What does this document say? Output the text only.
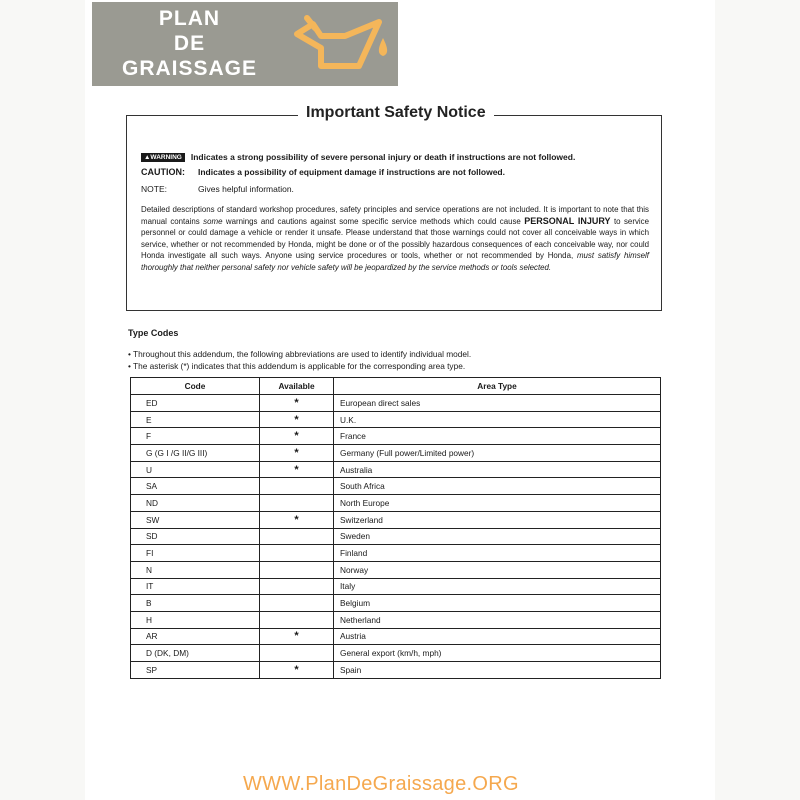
PLAN
DE
GRAISSAGE
Important Safety Notice
▲WARNING Indicates a strong possibility of severe personal injury or death if instructions are not followed.
CAUTION: Indicates a possibility of equipment damage if instructions are not followed.
NOTE:	Gives helpful information.
Detailed descriptions of standard workshop procedures, safety principles and service operations are not included. It is important to note that this manual contains some warnings and cautions against some specific service methods which could cause PERSONAL INJURY to service personnel or could damage a vehicle or render it unsafe. Please understand that those warnings could not cover all conceivable ways in which service, whether or not recommended by Honda, might be done or of the possibly hazardous consequences of each conceivable way, nor could Honda investigate all such ways. Anyone using service procedures or tools, whether or not recommended by Honda, must satisfy himself thoroughly that neither personal safety nor vehicle safety will be jeopardized by the service methods or tools selected.
Type Codes
• Throughout this addendum, the following abbreviations are used to identify individual model.
• The asterisk (*) indicates that this addendum is applicable for the corresponding area type.
Code	Available	Area Type
ED	*	European direct sales
E	*	U.K.
F	*	France
G (G I /G II/G III)	*	Germany (Full power/Limited power)
U	*	Australia
SA		South Africa
ND		North Europe
SW	*	Switzerland
SD		Sweden
FI		Finland
N		Norway
IT		Italy
B		Belgium
H		Netherland
AR	*	Austria
D (DK, DM)		General export (km/h, mph)
SP	*	Spain
WWW.PlanDeGraissage.ORG
